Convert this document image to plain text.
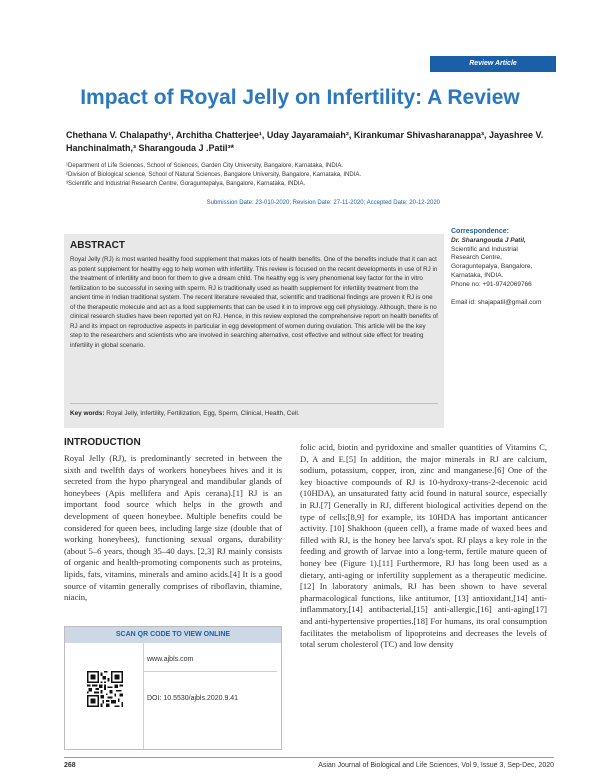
Review Article
Impact of Royal Jelly on Infertility: A Review
Chethana V. Chalapathy¹, Architha Chatterjee¹, Uday Jayaramaiah², Kirankumar Shivasharanappa³, Jayashree V. Hanchinalmath,³ Sharangouda J .Patil³*
¹Department of Life Sciences, School of Sciences, Garden City University, Bangalore, Karnataka, INDIA.
²Division of Biological science, School of Natural Sciences, Bangalore University, Bangalore, Karnataka, INDIA.
³Scientific and Industrial Research Centre, Goraguntepalya, Bangalore, Karnataka, INDIA.
Submission Date: 23-010-2020; Revision Date: 27-11-2020; Accepted Date: 20-12-2020
ABSTRACT
Royal Jelly (RJ) is most wanted healthy food supplement that makes lots of health benefits. One of the benefits include that it can act as potent supplement for healthy egg to help women with infertility. This review is focused on the recent developments in use of RJ in the treatment of infertility and boon for them to give a dream child. The healthy egg is very phenomenal key factor for the in vitro fertilization to be successful in sexing with sperm. RJ is traditionally used as health supplement for infertility treatment from the ancient time in Indian traditional system. The recent literature revealed that, scientific and traditional findings are proven it RJ is one of the therapeutic molecule and act as a food supplements that can be used it in to improve egg cell physiology. Although, there is no clinical research studies have been reported yet on RJ. Hence, in this review explored the comprehensive report on health benefits of RJ and its impact on reproductive aspects in particular in egg development of women during ovulation. This article will be the key step to the researchers and scientists who are involved in searching alternative, cost effective and without side effect for treating infertility in global scenario.
Key words: Royal Jelly, Infertility, Fertilization, Egg, Sperm, Clinical, Health, Cell.
Correspondence:
Dr. Sharangouda J Patil,
Scientific and Industrial Research Centre, Goraguntepalya, Bangalore, Karnataka, INDIA.
Phone no: +91-9742069766
Email id: shajapatil@gmail.com
INTRODUCTION
Royal Jelly (RJ), is predominantly secreted in between the sixth and twelfth days of workers honeybees hives and it is secreted from the hypo pharyngeal and mandibular glands of honeybees (Apis mellifera and Apis cerana).[1] RJ is an important food source which helps in the growth and development of queen honeybee. Multiple benefits could be considered for queen bees, including large size (double that of working honeybees), functioning sexual organs, durability (about 5–6 years, though 35–40 days. [2,3] RJ mainly consists of organic and health-promoting components such as proteins, lipids, fats, vitamins, minerals and amino acids.[4] It is a good source of vitamin generally comprises of riboflavin, thiamine, niacin,
folic acid, biotin and pyridoxine and smaller quantities of Vitamins C, D, A and E.[5] In addition, the major minerals in RJ are calcium, sodium, potassium, copper, iron, zinc and manganese.[6] One of the key bioactive compounds of RJ is 10-hydroxy-trans-2-decenoic acid (10HDA), an unsaturated fatty acid found in natural source, especially in RJ.[7] Generally in RJ, different biological activities depend on the type of cells;[8,9] for example, its 10HDA has important anticancer activity. [10] Shakhoon (queen cell), a frame made of waxed bees and filled with RJ, is the honey bee larva's spot. RJ plays a key role in the feeding and growth of larvae into a long-term, fertile mature queen of honey bee (Figure 1).[11] Furthermore, RJ has long been used as a dietary, anti-aging or infertility supplement as a therapeutic medicine.[12] In laboratory animals, RJ has been shown to have several pharmacological functions, like antitumor, [13] antioxidant,[14] anti-inflammatory,[14] antibacterial,[15] anti-allergic,[16] anti-aging[17] and anti-hypertensive properties.[18] For humans, its oral consumption facilitates the metabolism of lipoproteins and decreases the levels of total serum cholesterol (TC) and low density
SCAN QR CODE TO VIEW ONLINE
www.ajbls.com
DOI: 10.5530/ajbls.2020.9.41
268	Asian Journal of Biological and Life Sciences, Vol 9, Issue 3, Sep-Dec, 2020
